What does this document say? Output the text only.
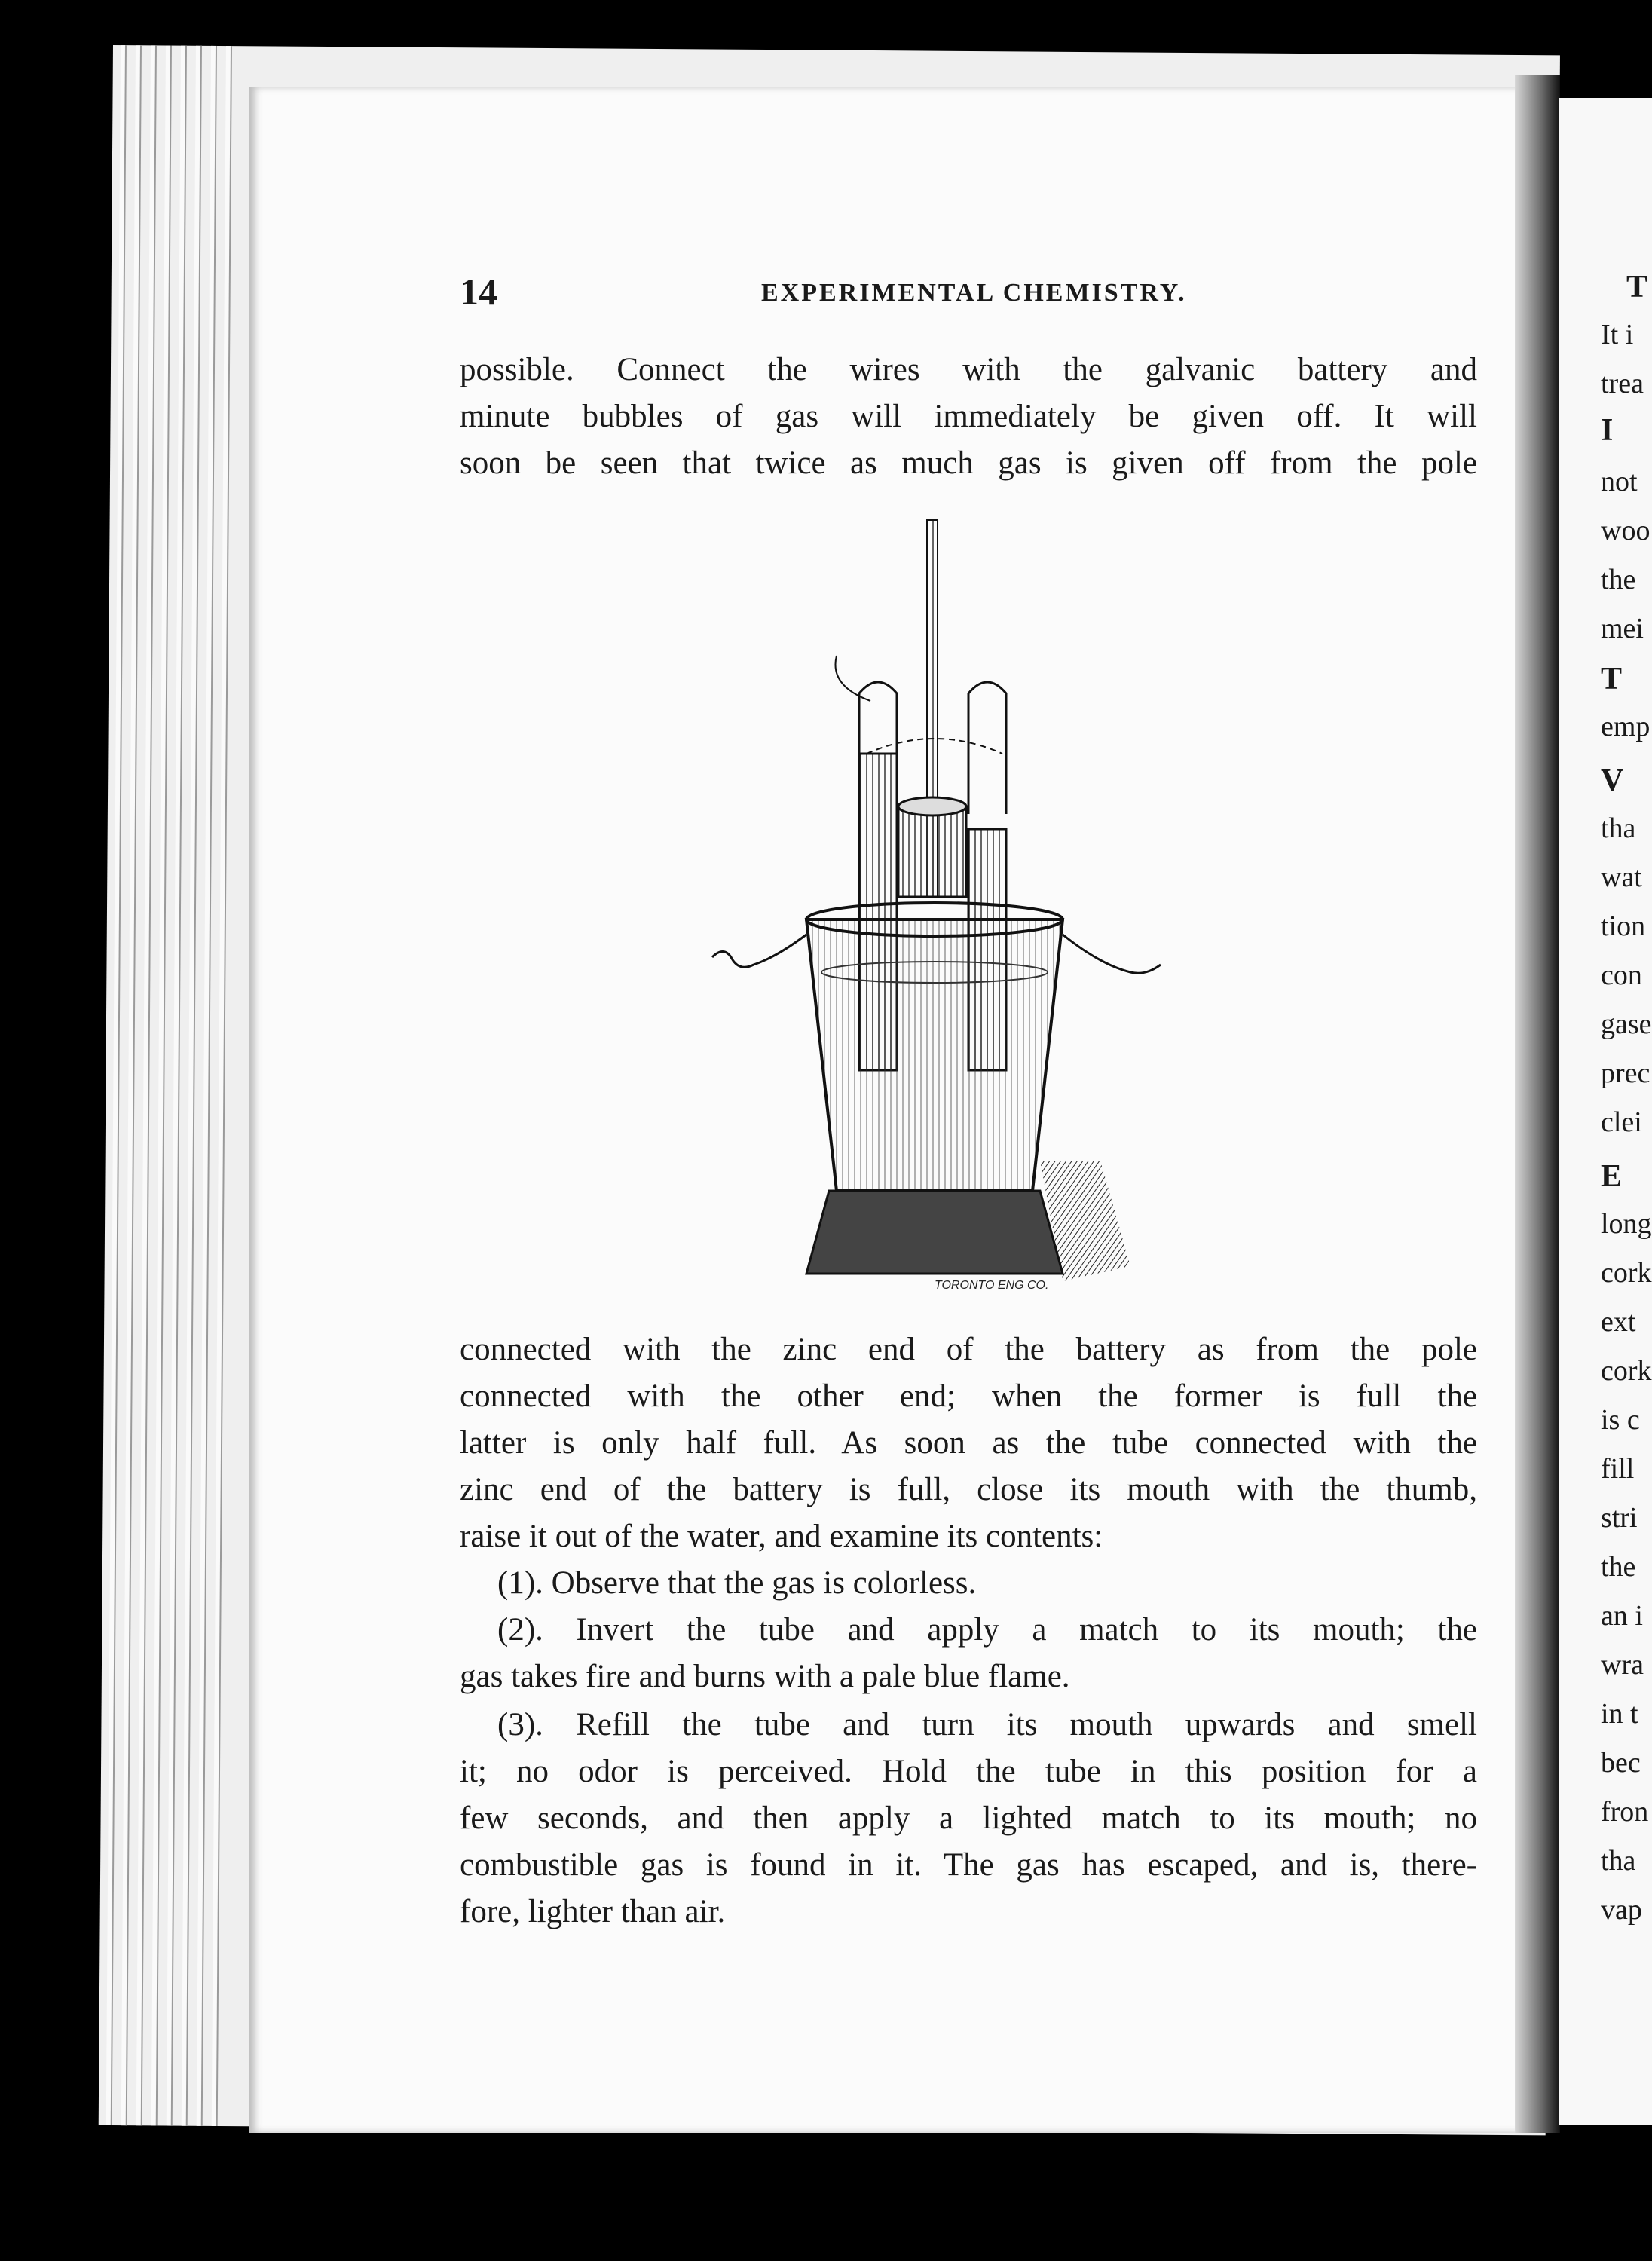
T
It i
trea
I
not
woo
the
mei
T
emp
V
tha
wat
tion
con
gase
prec
clei
E
long
cork
ext
cork
is c
fill
stri
the
an i
wra
in t
bec
fron
tha
vap
14	EXPERIMENTAL CHEMISTRY.
possible. Connect the wires with the galvanic battery and
minute bubbles of gas will immediately be given off. It will
soon be seen that twice as much gas is given off from the pole
TORONTO ENG CO.
connected with the zinc end of the battery as from the pole
connected with the other end; when the former is full the
latter is only half full. As soon as the tube connected with the
zinc end of the battery is full, close its mouth with the thumb,
raise it out of the water, and examine its contents:
(1). Observe that the gas is colorless.
(2). Invert the tube and apply a match to its mouth; the
gas takes fire and burns with a pale blue flame.
(3). Refill the tube and turn its mouth upwards and smell
it; no odor is perceived. Hold the tube in this position for a
few seconds, and then apply a lighted match to its mouth; no
combustible gas is found in it. The gas has escaped, and is, there-
fore, lighter than air.
